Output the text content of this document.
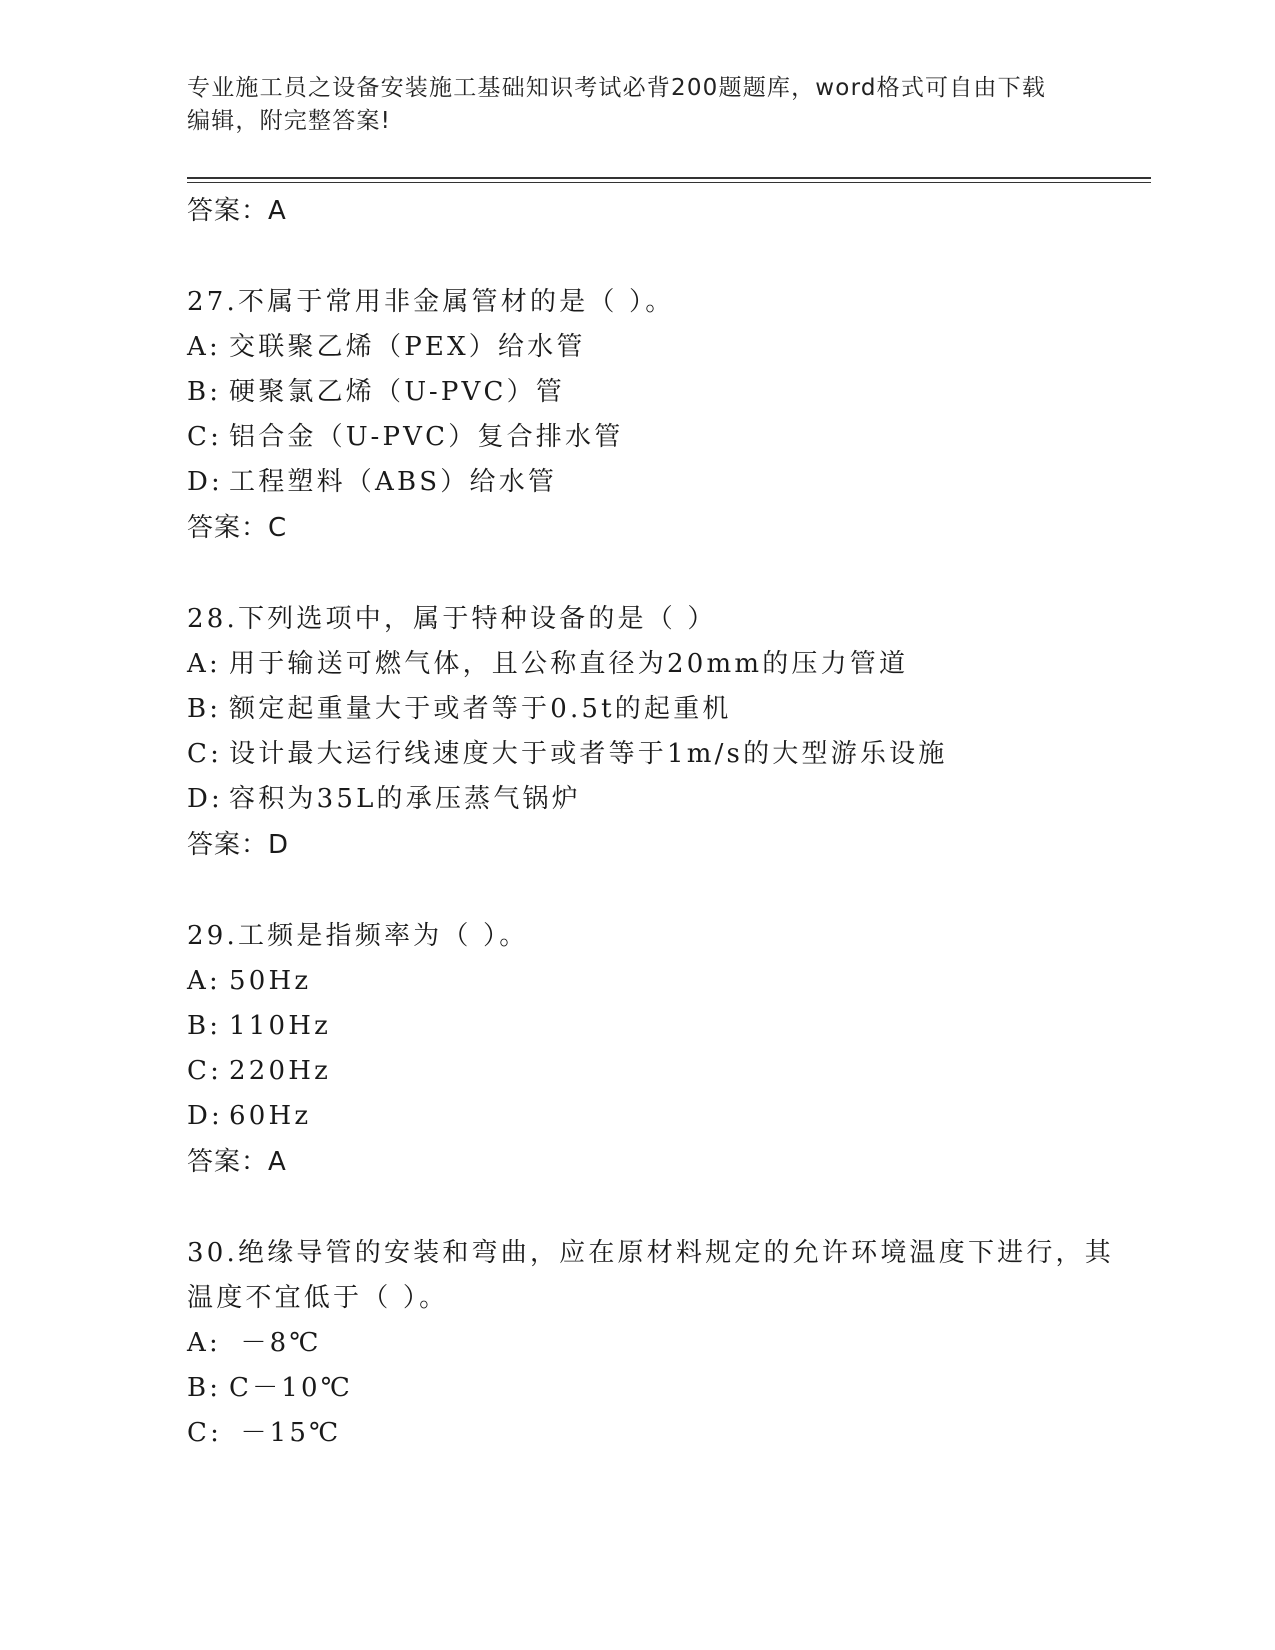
专业施工员之设备安装施工基础知识考试必背200题题库，word格式可自由下载编辑，附完整答案!
答案：A
27.不属于常用非金属管材的是（ ）。
A: 交联聚乙烯（PEX）给水管
B: 硬聚氯乙烯（U-PVC）管
C: 铝合金（U-PVC）复合排水管
D: 工程塑料（ABS）给水管
答案：C
28.下列选项中，属于特种设备的是（ ）
A: 用于输送可燃气体，且公称直径为20mm的压力管道
B: 额定起重量大于或者等于0.5t的起重机
C: 设计最大运行线速度大于或者等于1m/s的大型游乐设施
D: 容积为35L的承压蒸气锅炉
答案：D
29.工频是指频率为（ ）。
A: 50Hz
B: 110Hz
C: 220Hz
D: 60Hz
答案：A
30.绝缘导管的安装和弯曲，应在原材料规定的允许环境温度下进行，其温度不宜低于（ ）。
A: －8℃
B: C－10℃
C: －15℃
